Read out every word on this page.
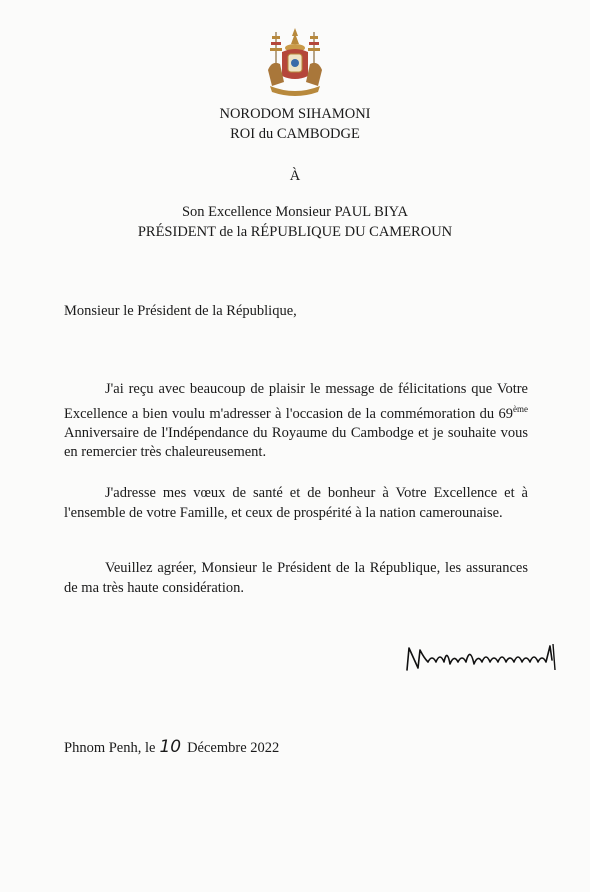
NORODOM SIHAMONI
ROI du CAMBODGE
À
Son Excellence Monsieur PAUL BIYA
PRÉSIDENT de la RÉPUBLIQUE DU CAMEROUN
Monsieur le Président de la République,

J'ai reçu avec beaucoup de plaisir le message de félicitations que Votre Excellence a bien voulu m'adresser à l'occasion de la commémoration du 69ème Anniversaire de l'Indépendance du Royaume du Cambodge et je souhaite vous en remercier très chaleureusement.

J'adresse mes vœux de santé et de bonheur à Votre Excellence et à l'ensemble de votre Famille, et ceux de prospérité à la nation camerounaise.

Veuillez agréer, Monsieur le Président de la République, les assurances de ma très haute considération.

Phnom Penh, le 10 Décembre 2022
